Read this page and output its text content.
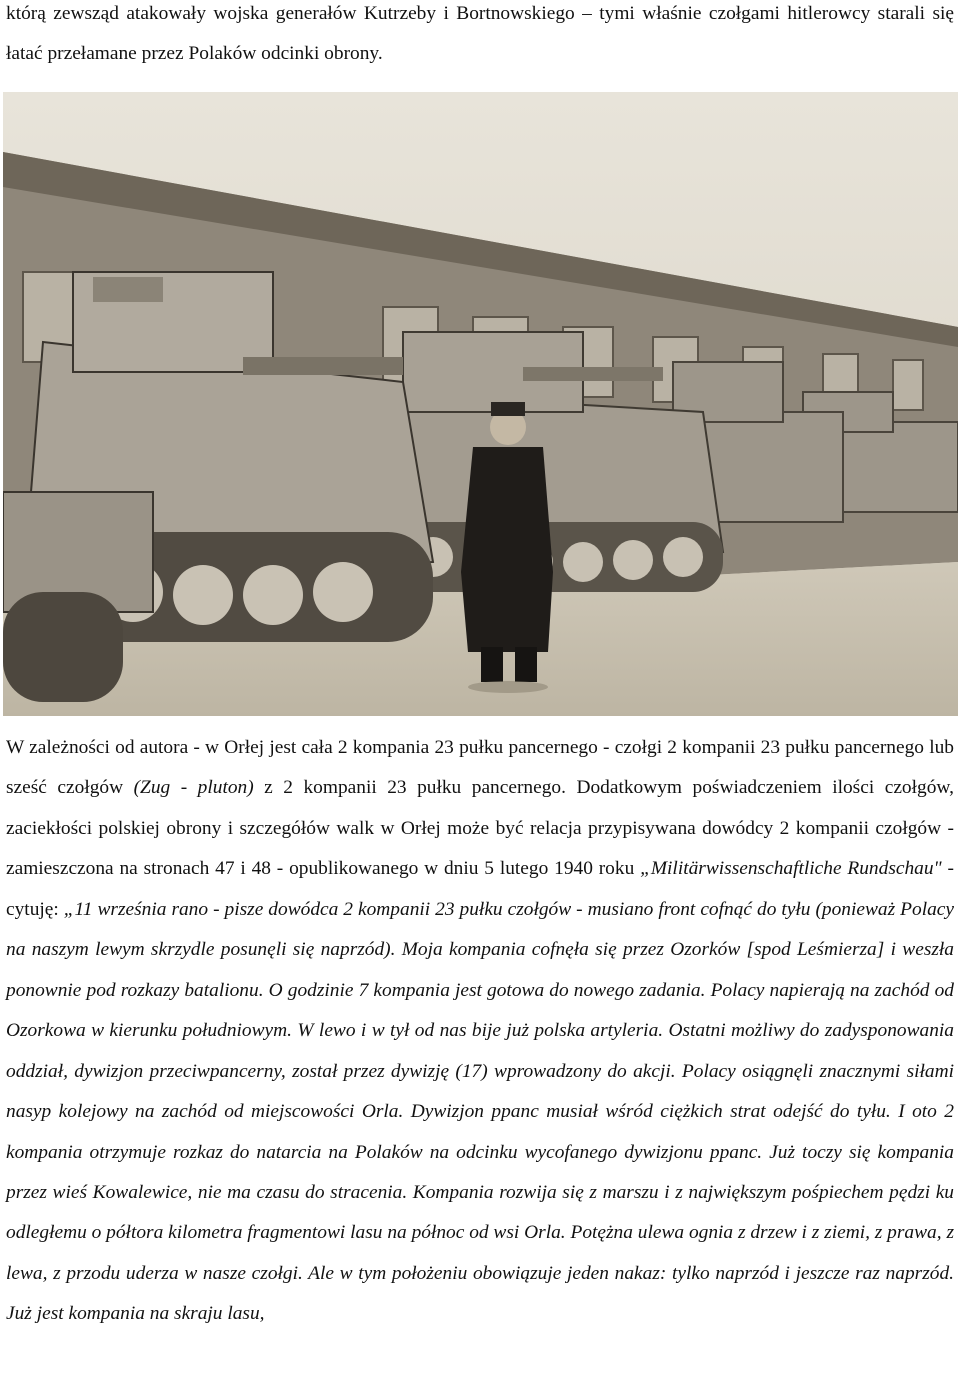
którą zewsząd atakowały wojska generałów Kutrzeby i Bortnowskiego – tymi właśnie czołgami hitlerowcy starali się łatać przełamane przez Polaków odcinki obrony.

W zależności od autora - w Orłej jest cała 2 kompania 23 pułku pancernego - czołgi 2 kompanii 23 pułku pancernego lub sześć czołgów (Zug - pluton) z 2 kompanii 23 pułku pancernego. Dodatkowym poświadczeniem ilości czołgów, zaciekłości polskiej obrony i szczegółów walk w Orłej może być relacja przypisywana dowódcy 2 kompanii czołgów - zamieszczona na stronach 47 i 48 - opublikowanego w dniu 5 lutego 1940 roku „Militärwissenschaftliche Rundschau" - cytuję: „11 września rano - pisze dowódca 2 kompanii 23 pułku czołgów - musiano front cofnąć do tyłu (ponieważ Polacy na naszym lewym skrzydle posunęli się naprzód). Moja kompania cofnęła się przez Ozorków [spod Leśmierza] i weszła ponownie pod rozkazy batalionu. O godzinie 7 kompania jest gotowa do nowego zadania. Polacy napierają na zachód od Ozorkowa w kierunku południowym. W lewo i w tył od nas bije już polska artyleria. Ostatni możliwy do zadysponowania oddział, dywizjon przeciwpancerny, został przez dywizję (17) wprowadzony do akcji. Polacy osiągnęli znacznymi siłami nasyp kolejowy na zachód od miejscowości Orla. Dywizjon ppanc musiał wśród ciężkich strat odejść do tyłu. I oto 2 kompania otrzymuje rozkaz do natarcia na Polaków na odcinku wycofanego dywizjonu ppanc. Już toczy się kompania przez wieś Kowalewice, nie ma czasu do stracenia. Kompania rozwija się z marszu i z największym pośpiechem pędzi ku odległemu o półtora kilometra fragmentowi lasu na północ od wsi Orla. Potężna ulewa ognia z drzew i z ziemi, z prawa, z lewa, z przodu uderza w nasze czołgi. Ale w tym położeniu obowiązuje jeden nakaz: tylko naprzód i jeszcze raz naprzód. Już jest kompania na skraju lasu,
